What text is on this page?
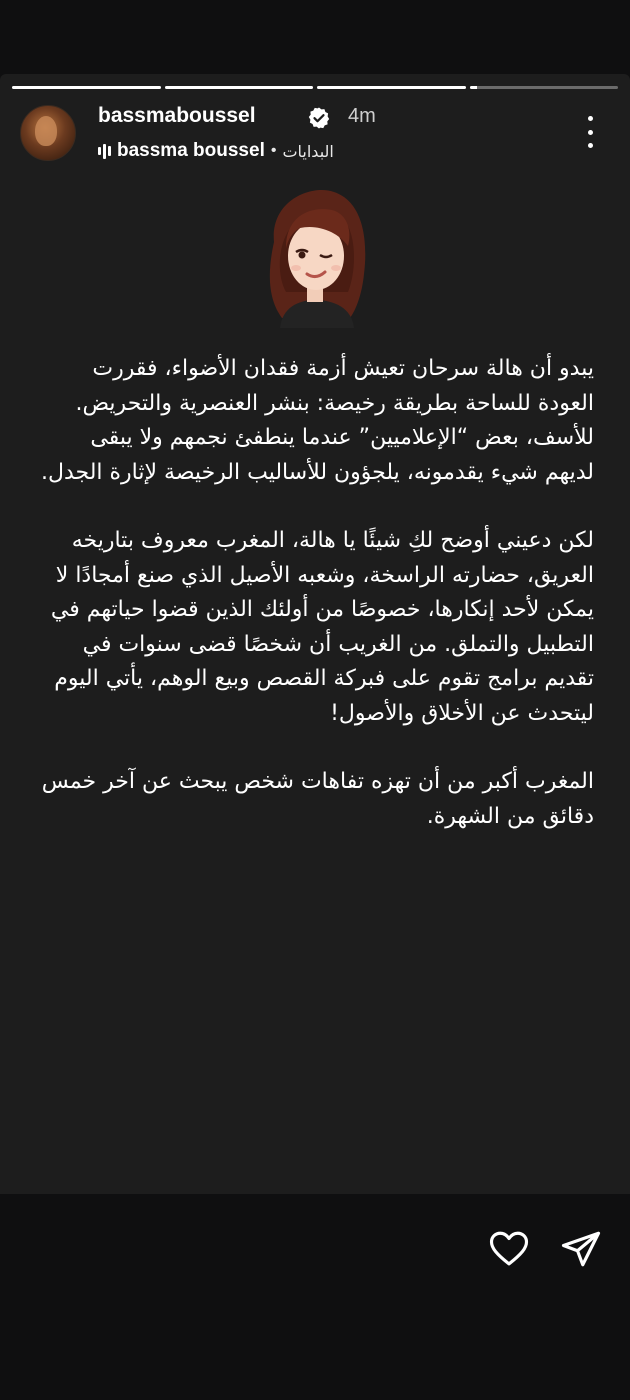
bassmaboussel	4m
bassma boussel • البدايات

يبدو أن هالة سرحان تعيش أزمة فقدان الأضواء، فقررت العودة للساحة بطريقة رخيصة: بنشر العنصرية والتحريض. للأسف، بعض “الإعلاميين” عندما ينطفئ نجمهم ولا يبقى لديهم شيء يقدمونه، يلجؤون للأساليب الرخيصة لإثارة الجدل.

لكن دعيني أوضح لكِ شيئًا يا هالة، المغرب معروف بتاريخه العريق، حضارته الراسخة، وشعبه الأصيل الذي صنع أمجادًا لا يمكن لأحد إنكارها، خصوصًا من أولئك الذين قضوا حياتهم في التطبيل والتملق. من الغريب أن شخصًا قضى سنوات في تقديم برامج تقوم على فبركة القصص وبيع الوهم، يأتي اليوم ليتحدث عن الأخلاق والأصول!

المغرب أكبر من أن تهزه تفاهات شخص يبحث عن آخر خمس دقائق من الشهرة.
